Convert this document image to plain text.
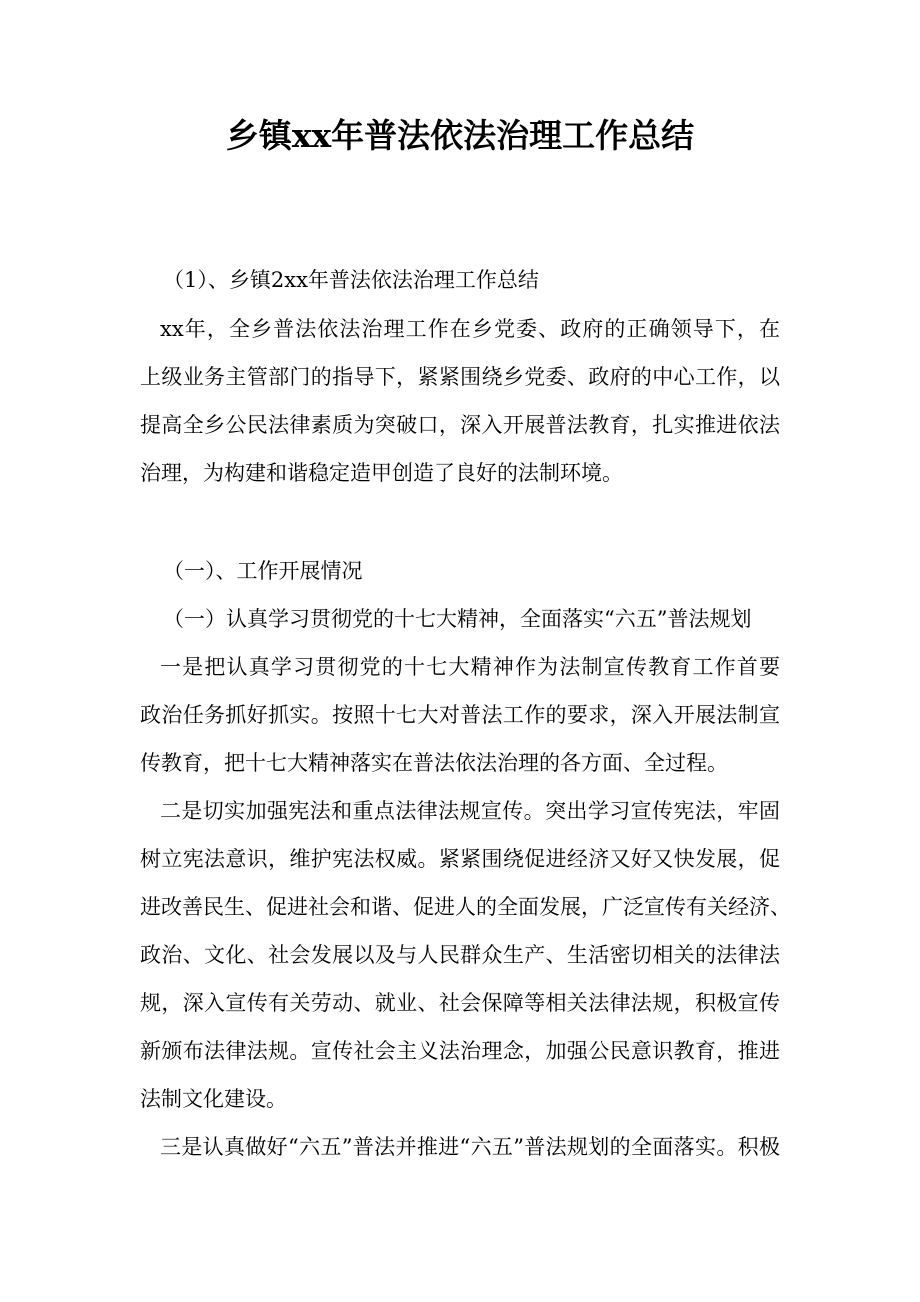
乡镇xx年普法依法治理工作总结
（1）、乡镇2xx年普法依法治理工作总结
xx年，全乡普法依法治理工作在乡党委、政府的正确领导下，在
上级业务主管部门的指导下，紧紧围绕乡党委、政府的中心工作，以
提高全乡公民法律素质为突破口，深入开展普法教育，扎实推进依法
治理，为构建和谐稳定造甲创造了良好的法制环境。
（一）、工作开展情况
（一）认真学习贯彻党的十七大精神，全面落实“六五”普法规划
一是把认真学习贯彻党的十七大精神作为法制宣传教育工作首要
政治任务抓好抓实。按照十七大对普法工作的要求，深入开展法制宣
传教育，把十七大精神落实在普法依法治理的各方面、全过程。
二是切实加强宪法和重点法律法规宣传。突出学习宣传宪法，牢固
树立宪法意识，维护宪法权威。紧紧围绕促进经济又好又快发展，促
进改善民生、促进社会和谐、促进人的全面发展，广泛宣传有关经济、
政治、文化、社会发展以及与人民群众生产、生活密切相关的法律法
规，深入宣传有关劳动、就业、社会保障等相关法律法规，积极宣传
新颁布法律法规。宣传社会主义法治理念，加强公民意识教育，推进
法制文化建设。
三是认真做好“六五”普法并推进“六五”普法规划的全面落实。积极
